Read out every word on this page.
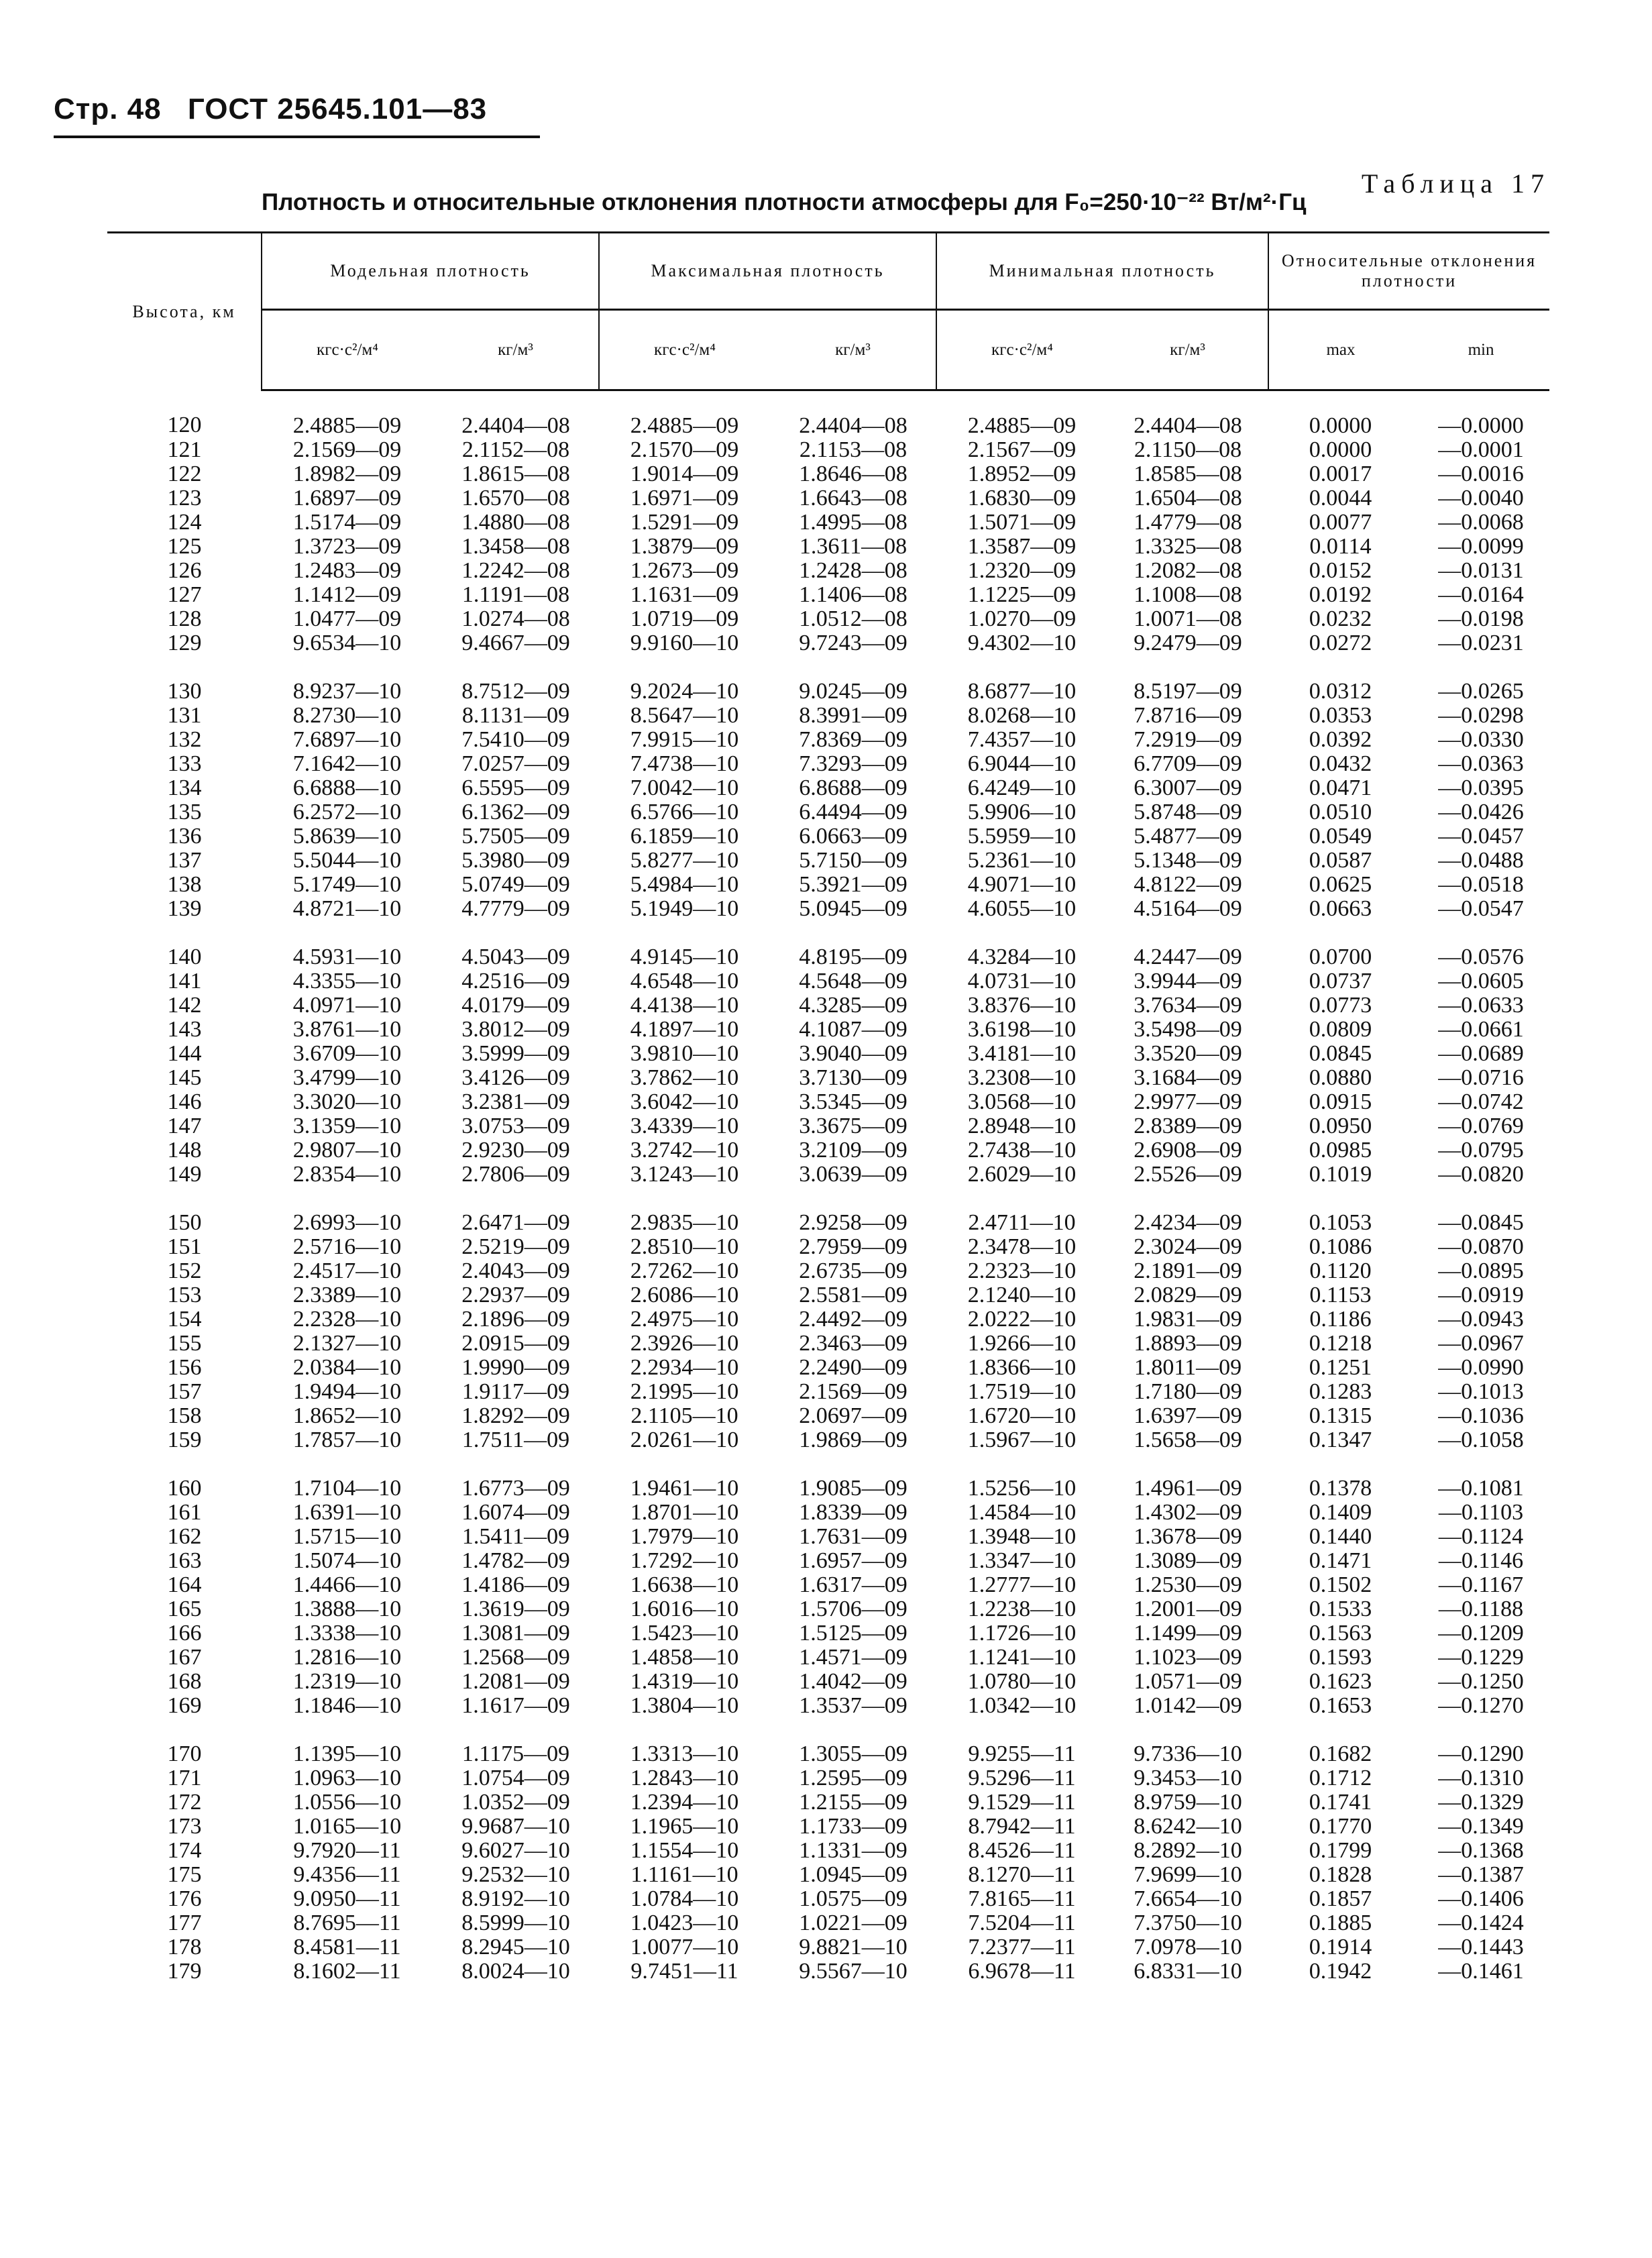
Стр. 48 ГОСТ 25645.101—83
Таблица 17
Плотность и относительные отклонения плотности атмосферы для F₀=250·10⁻²² Вт/м²·Гц
Высота, км	Модельная плотность		Максимальная плотность		Минимальная плотность		Относительные отклонения плотности	
	кгс·с²/м⁴	кг/м³	кгс·с²/м⁴	кг/м³	кгс·с²/м⁴	кг/м³	max	min
120	2.4885—09	2.4404—08	2.4885—09	2.4404—08	2.4885—09	2.4404—08	0.0000	—0.0000
121	2.1569—09	2.1152—08	2.1570—09	2.1153—08	2.1567—09	2.1150—08	0.0000	—0.0001
122	1.8982—09	1.8615—08	1.9014—09	1.8646—08	1.8952—09	1.8585—08	0.0017	—0.0016
123	1.6897—09	1.6570—08	1.6971—09	1.6643—08	1.6830—09	1.6504—08	0.0044	—0.0040
124	1.5174—09	1.4880—08	1.5291—09	1.4995—08	1.5071—09	1.4779—08	0.0077	—0.0068
125	1.3723—09	1.3458—08	1.3879—09	1.3611—08	1.3587—09	1.3325—08	0.0114	—0.0099
126	1.2483—09	1.2242—08	1.2673—09	1.2428—08	1.2320—09	1.2082—08	0.0152	—0.0131
127	1.1412—09	1.1191—08	1.1631—09	1.1406—08	1.1225—09	1.1008—08	0.0192	—0.0164
128	1.0477—09	1.0274—08	1.0719—09	1.0512—08	1.0270—09	1.0071—08	0.0232	—0.0198
129	9.6534—10	9.4667—09	9.9160—10	9.7243—09	9.4302—10	9.2479—09	0.0272	—0.0231
130	8.9237—10	8.7512—09	9.2024—10	9.0245—09	8.6877—10	8.5197—09	0.0312	—0.0265
131	8.2730—10	8.1131—09	8.5647—10	8.3991—09	8.0268—10	7.8716—09	0.0353	—0.0298
132	7.6897—10	7.5410—09	7.9915—10	7.8369—09	7.4357—10	7.2919—09	0.0392	—0.0330
133	7.1642—10	7.0257—09	7.4738—10	7.3293—09	6.9044—10	6.7709—09	0.0432	—0.0363
134	6.6888—10	6.5595—09	7.0042—10	6.8688—09	6.4249—10	6.3007—09	0.0471	—0.0395
135	6.2572—10	6.1362—09	6.5766—10	6.4494—09	5.9906—10	5.8748—09	0.0510	—0.0426
136	5.8639—10	5.7505—09	6.1859—10	6.0663—09	5.5959—10	5.4877—09	0.0549	—0.0457
137	5.5044—10	5.3980—09	5.8277—10	5.7150—09	5.2361—10	5.1348—09	0.0587	—0.0488
138	5.1749—10	5.0749—09	5.4984—10	5.3921—09	4.9071—10	4.8122—09	0.0625	—0.0518
139	4.8721—10	4.7779—09	5.1949—10	5.0945—09	4.6055—10	4.5164—09	0.0663	—0.0547
140	4.5931—10	4.5043—09	4.9145—10	4.8195—09	4.3284—10	4.2447—09	0.0700	—0.0576
141	4.3355—10	4.2516—09	4.6548—10	4.5648—09	4.0731—10	3.9944—09	0.0737	—0.0605
142	4.0971—10	4.0179—09	4.4138—10	4.3285—09	3.8376—10	3.7634—09	0.0773	—0.0633
143	3.8761—10	3.8012—09	4.1897—10	4.1087—09	3.6198—10	3.5498—09	0.0809	—0.0661
144	3.6709—10	3.5999—09	3.9810—10	3.9040—09	3.4181—10	3.3520—09	0.0845	—0.0689
145	3.4799—10	3.4126—09	3.7862—10	3.7130—09	3.2308—10	3.1684—09	0.0880	—0.0716
146	3.3020—10	3.2381—09	3.6042—10	3.5345—09	3.0568—10	2.9977—09	0.0915	—0.0742
147	3.1359—10	3.0753—09	3.4339—10	3.3675—09	2.8948—10	2.8389—09	0.0950	—0.0769
148	2.9807—10	2.9230—09	3.2742—10	3.2109—09	2.7438—10	2.6908—09	0.0985	—0.0795
149	2.8354—10	2.7806—09	3.1243—10	3.0639—09	2.6029—10	2.5526—09	0.1019	—0.0820
150	2.6993—10	2.6471—09	2.9835—10	2.9258—09	2.4711—10	2.4234—09	0.1053	—0.0845
151	2.5716—10	2.5219—09	2.8510—10	2.7959—09	2.3478—10	2.3024—09	0.1086	—0.0870
152	2.4517—10	2.4043—09	2.7262—10	2.6735—09	2.2323—10	2.1891—09	0.1120	—0.0895
153	2.3389—10	2.2937—09	2.6086—10	2.5581—09	2.1240—10	2.0829—09	0.1153	—0.0919
154	2.2328—10	2.1896—09	2.4975—10	2.4492—09	2.0222—10	1.9831—09	0.1186	—0.0943
155	2.1327—10	2.0915—09	2.3926—10	2.3463—09	1.9266—10	1.8893—09	0.1218	—0.0967
156	2.0384—10	1.9990—09	2.2934—10	2.2490—09	1.8366—10	1.8011—09	0.1251	—0.0990
157	1.9494—10	1.9117—09	2.1995—10	2.1569—09	1.7519—10	1.7180—09	0.1283	—0.1013
158	1.8652—10	1.8292—09	2.1105—10	2.0697—09	1.6720—10	1.6397—09	0.1315	—0.1036
159	1.7857—10	1.7511—09	2.0261—10	1.9869—09	1.5967—10	1.5658—09	0.1347	—0.1058
160	1.7104—10	1.6773—09	1.9461—10	1.9085—09	1.5256—10	1.4961—09	0.1378	—0.1081
161	1.6391—10	1.6074—09	1.8701—10	1.8339—09	1.4584—10	1.4302—09	0.1409	—0.1103
162	1.5715—10	1.5411—09	1.7979—10	1.7631—09	1.3948—10	1.3678—09	0.1440	—0.1124
163	1.5074—10	1.4782—09	1.7292—10	1.6957—09	1.3347—10	1.3089—09	0.1471	—0.1146
164	1.4466—10	1.4186—09	1.6638—10	1.6317—09	1.2777—10	1.2530—09	0.1502	—0.1167
165	1.3888—10	1.3619—09	1.6016—10	1.5706—09	1.2238—10	1.2001—09	0.1533	—0.1188
166	1.3338—10	1.3081—09	1.5423—10	1.5125—09	1.1726—10	1.1499—09	0.1563	—0.1209
167	1.2816—10	1.2568—09	1.4858—10	1.4571—09	1.1241—10	1.1023—09	0.1593	—0.1229
168	1.2319—10	1.2081—09	1.4319—10	1.4042—09	1.0780—10	1.0571—09	0.1623	—0.1250
169	1.1846—10	1.1617—09	1.3804—10	1.3537—09	1.0342—10	1.0142—09	0.1653	—0.1270
170	1.1395—10	1.1175—09	1.3313—10	1.3055—09	9.9255—11	9.7336—10	0.1682	—0.1290
171	1.0963—10	1.0754—09	1.2843—10	1.2595—09	9.5296—11	9.3453—10	0.1712	—0.1310
172	1.0556—10	1.0352—09	1.2394—10	1.2155—09	9.1529—11	8.9759—10	0.1741	—0.1329
173	1.0165—10	9.9687—10	1.1965—10	1.1733—09	8.7942—11	8.6242—10	0.1770	—0.1349
174	9.7920—11	9.6027—10	1.1554—10	1.1331—09	8.4526—11	8.2892—10	0.1799	—0.1368
175	9.4356—11	9.2532—10	1.1161—10	1.0945—09	8.1270—11	7.9699—10	0.1828	—0.1387
176	9.0950—11	8.9192—10	1.0784—10	1.0575—09	7.8165—11	7.6654—10	0.1857	—0.1406
177	8.7695—11	8.5999—10	1.0423—10	1.0221—09	7.5204—11	7.3750—10	0.1885	—0.1424
178	8.4581—11	8.2945—10	1.0077—10	9.8821—10	7.2377—11	7.0978—10	0.1914	—0.1443
179	8.1602—11	8.0024—10	9.7451—11	9.5567—10	6.9678—11	6.8331—10	0.1942	—0.1461
